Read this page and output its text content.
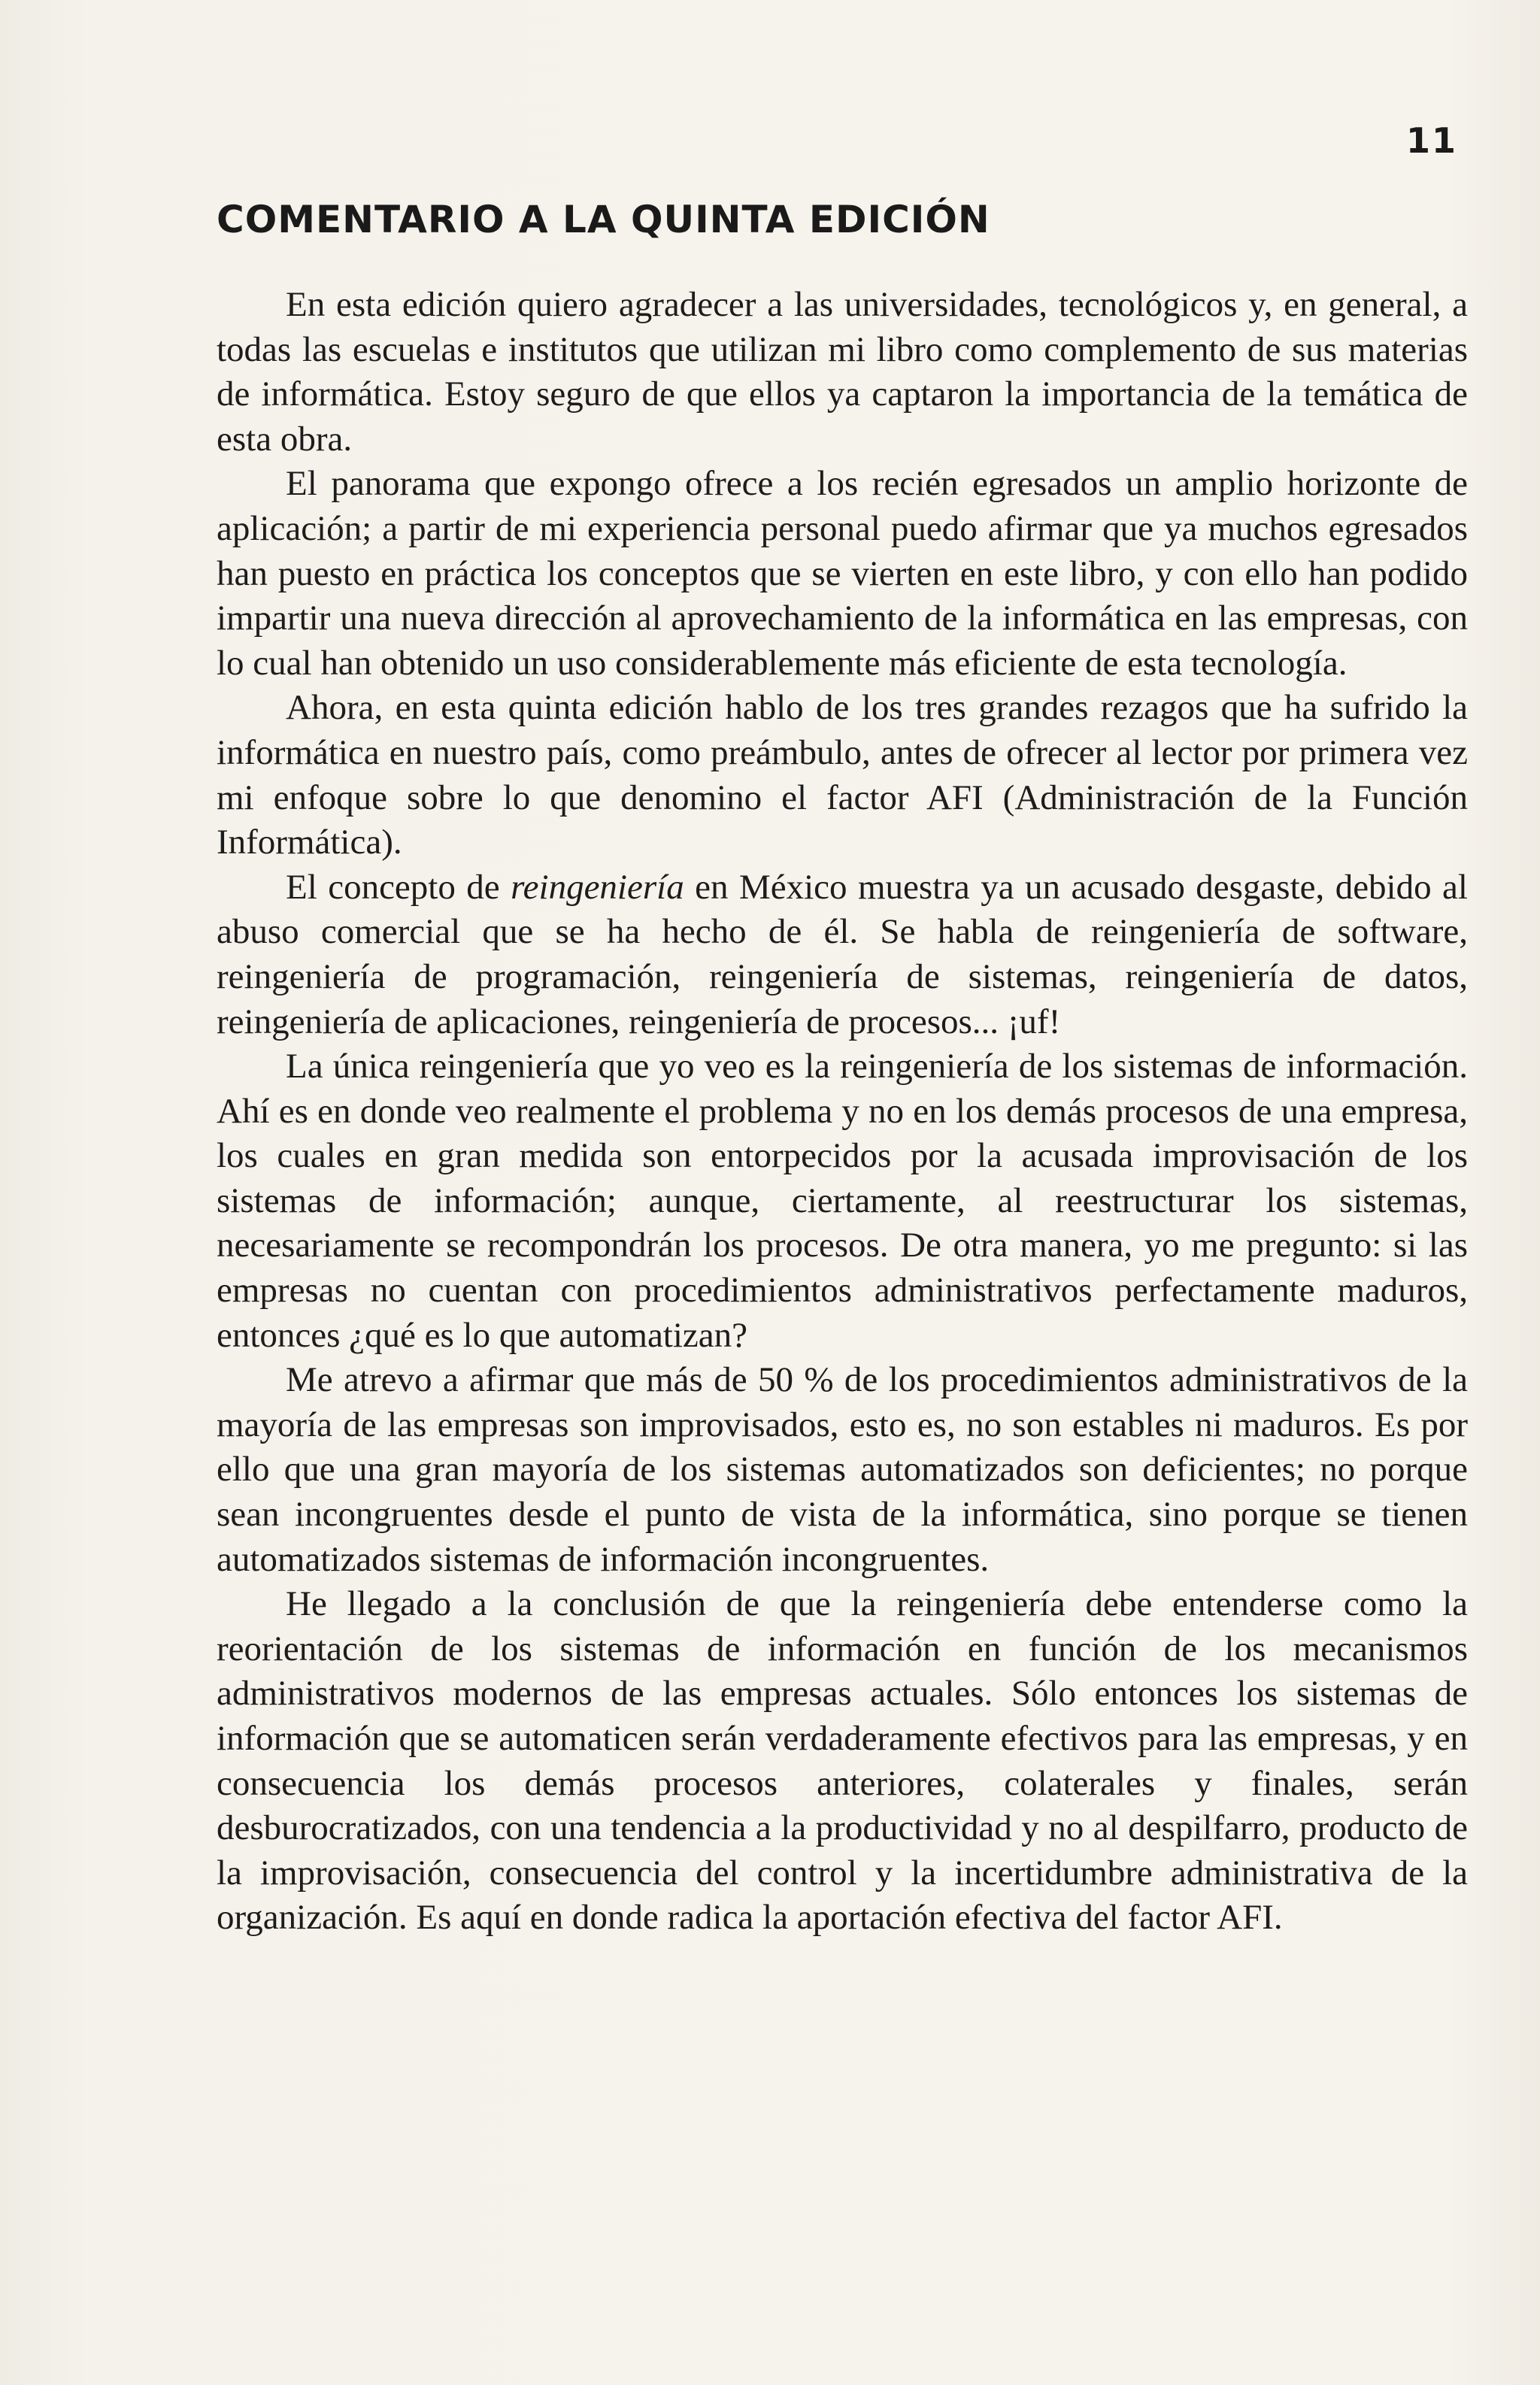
11
COMENTARIO A LA QUINTA EDICIÓN

En esta edición quiero agradecer a las universidades, tecnológicos y, en general, a todas las escuelas e institutos que utilizan mi libro como complemento de sus materias de informática. Estoy seguro de que ellos ya captaron la importancia de la temática de esta obra.

El panorama que expongo ofrece a los recién egresados un amplio horizonte de aplicación; a partir de mi experiencia personal puedo afirmar que ya muchos egresados han puesto en práctica los conceptos que se vierten en este libro, y con ello han podido impartir una nueva dirección al aprovechamiento de la informática en las empresas, con lo cual han obtenido un uso considerablemente más eficiente de esta tecnología.

Ahora, en esta quinta edición hablo de los tres grandes rezagos que ha sufrido la informática en nuestro país, como preámbulo, antes de ofrecer al lector por primera vez mi enfoque sobre lo que denomino el factor AFI (Administración de la Función Informática).

El concepto de reingeniería en México muestra ya un acusado desgaste, debido al abuso comercial que se ha hecho de él. Se habla de reingeniería de software, reingeniería de programación, reingeniería de sistemas, reingeniería de datos, reingeniería de aplicaciones, reingeniería de procesos... ¡uf!

La única reingeniería que yo veo es la reingeniería de los sistemas de información. Ahí es en donde veo realmente el problema y no en los demás procesos de una empresa, los cuales en gran medida son entorpecidos por la acusada improvisación de los sistemas de información; aunque, ciertamente, al reestructurar los sistemas, necesariamente se recompondrán los procesos. De otra manera, yo me pregunto: si las empresas no cuentan con procedimientos administrativos perfectamente maduros, entonces ¿qué es lo que automatizan?

Me atrevo a afirmar que más de 50 % de los procedimientos administrativos de la mayoría de las empresas son improvisados, esto es, no son estables ni maduros. Es por ello que una gran mayoría de los sistemas automatizados son deficientes; no porque sean incongruentes desde el punto de vista de la informática, sino porque se tienen automatizados sistemas de información incongruentes.

He llegado a la conclusión de que la reingeniería debe entenderse como la reorientación de los sistemas de información en función de los mecanismos administrativos modernos de las empresas actuales. Sólo entonces los sistemas de información que se automaticen serán verdaderamente efectivos para las empresas, y en consecuencia los demás procesos anteriores, colaterales y finales, serán desburocratizados, con una tendencia a la productividad y no al despilfarro, producto de la improvisación, consecuencia del control y la incertidumbre administrativa de la organización. Es aquí en donde radica la aportación efectiva del factor AFI.
